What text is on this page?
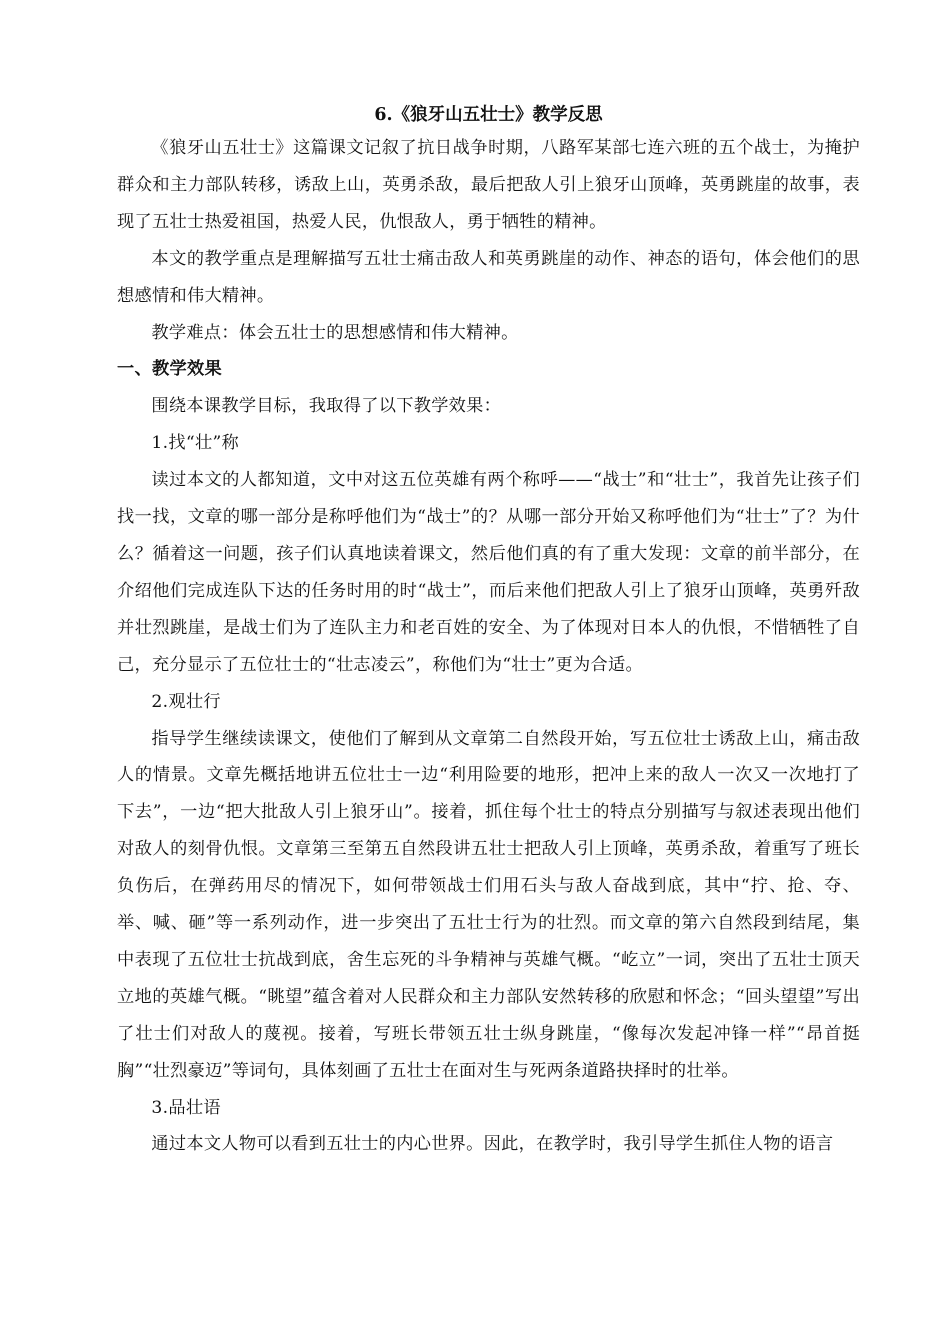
6.《狼牙山五壮士》教学反思

《狼牙山五壮士》这篇课文记叙了抗日战争时期，八路军某部七连六班的五个战士，为掩护群众和主力部队转移，诱敌上山，英勇杀敌，最后把敌人引上狼牙山顶峰，英勇跳崖的故事，表现了五壮士热爱祖国，热爱人民，仇恨敌人，勇于牺牲的精神。

本文的教学重点是理解描写五壮士痛击敌人和英勇跳崖的动作、神态的语句，体会他们的思想感情和伟大精神。

教学难点：体会五壮士的思想感情和伟大精神。

一、教学效果

围绕本课教学目标，我取得了以下教学效果：

1.找“壮”称

读过本文的人都知道，文中对这五位英雄有两个称呼——“战士”和“壮士”，我首先让孩子们找一找，文章的哪一部分是称呼他们为“战士”的？从哪一部分开始又称呼他们为“壮士”了？为什么？循着这一问题，孩子们认真地读着课文，然后他们真的有了重大发现：文章的前半部分，在介绍他们完成连队下达的任务时用的时“战士”，而后来他们把敌人引上了狼牙山顶峰，英勇歼敌并壮烈跳崖，是战士们为了连队主力和老百姓的安全、为了体现对日本人的仇恨，不惜牺牲了自己，充分显示了五位壮士的“壮志凌云”，称他们为“壮士”更为合适。

2.观壮行

指导学生继续读课文，使他们了解到从文章第二自然段开始，写五位壮士诱敌上山，痛击敌人的情景。文章先概括地讲五位壮士一边“利用险要的地形，把冲上来的敌人一次又一次地打了下去”，一边“把大批敌人引上狼牙山”。接着，抓住每个壮士的特点分别描写与叙述表现出他们对敌人的刻骨仇恨。文章第三至第五自然段讲五壮士把敌人引上顶峰，英勇杀敌，着重写了班长负伤后，在弹药用尽的情况下，如何带领战士们用石头与敌人奋战到底，其中“拧、抢、夺、举、喊、砸”等一系列动作，进一步突出了五壮士行为的壮烈。而文章的第六自然段到结尾，集中表现了五位壮士抗战到底，舍生忘死的斗争精神与英雄气概。“屹立”一词，突出了五壮士顶天立地的英雄气概。“眺望”蕴含着对人民群众和主力部队安然转移的欣慰和怀念；“回头望望”写出了壮士们对敌人的蔑视。接着，写班长带领五壮士纵身跳崖，“像每次发起冲锋一样”“昂首挺胸”“壮烈豪迈”等词句，具体刻画了五壮士在面对生与死两条道路抉择时的壮举。

3.品壮语

通过本文人物可以看到五壮士的内心世界。因此，在教学时，我引导学生抓住人物的语言
